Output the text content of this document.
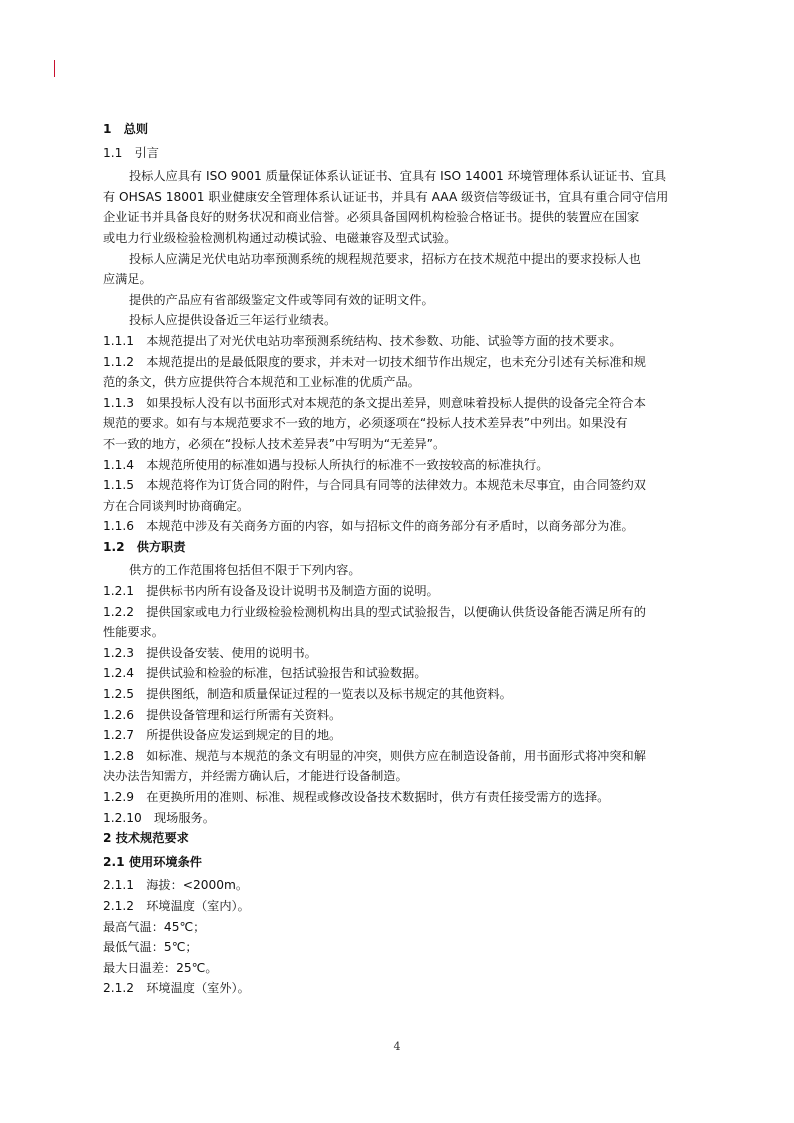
1　总则
1.1　引言
投标人应具有 ISO 9001 质量保证体系认证证书、宜具有 ISO 14001 环境管理体系认证证书、宜具
有 OHSAS 18001 职业健康安全管理体系认证证书，并具有 AAA 级资信等级证书，宜具有重合同守信用
企业证书并具备良好的财务状况和商业信誉。必须具备国网机构检验合格证书。提供的装置应在国家
或电力行业级检验检测机构通过动模试验、电磁兼容及型式试验。
投标人应满足光伏电站功率预测系统的规程规范要求，招标方在技术规范中提出的要求投标人也
应满足。
提供的产品应有省部级鉴定文件或等同有效的证明文件。
投标人应提供设备近三年运行业绩表。
1.1.1　本规范提出了对光伏电站功率预测系统结构、技术参数、功能、试验等方面的技术要求。
1.1.2　本规范提出的是最低限度的要求，并未对一切技术细节作出规定，也未充分引述有关标准和规
范的条文，供方应提供符合本规范和工业标准的优质产品。
1.1.3　如果投标人没有以书面形式对本规范的条文提出差异，则意味着投标人提供的设备完全符合本
规范的要求。如有与本规范要求不一致的地方，必须逐项在“投标人技术差异表”中列出。如果没有
不一致的地方，必须在“投标人技术差异表”中写明为“无差异”。
1.1.4　本规范所使用的标准如遇与投标人所执行的标准不一致按较高的标准执行。
1.1.5　本规范将作为订货合同的附件，与合同具有同等的法律效力。本规范未尽事宜，由合同签约双
方在合同谈判时协商确定。
1.1.6　本规范中涉及有关商务方面的内容，如与招标文件的商务部分有矛盾时，以商务部分为准。
1.2　供方职责
供方的工作范围将包括但不限于下列内容。
1.2.1　提供标书内所有设备及设计说明书及制造方面的说明。
1.2.2　提供国家或电力行业级检验检测机构出具的型式试验报告，以便确认供货设备能否满足所有的
性能要求。
1.2.3　提供设备安装、使用的说明书。
1.2.4　提供试验和检验的标准，包括试验报告和试验数据。
1.2.5　提供图纸，制造和质量保证过程的一览表以及标书规定的其他资料。
1.2.6　提供设备管理和运行所需有关资料。
1.2.7　所提供设备应发运到规定的目的地。
1.2.8　如标准、规范与本规范的条文有明显的冲突，则供方应在制造设备前，用书面形式将冲突和解
决办法告知需方，并经需方确认后，才能进行设备制造。
1.2.9　在更换所用的准则、标准、规程或修改设备技术数据时，供方有责任接受需方的选择。
1.2.10　现场服务。
2 技术规范要求
2.1 使用环境条件
2.1.1　海拔：<2000m。
2.1.2　环境温度（室内）。
最高气温：45℃；
最低气温：5℃；
最大日温差：25℃。
2.1.2　环境温度（室外）。
4
